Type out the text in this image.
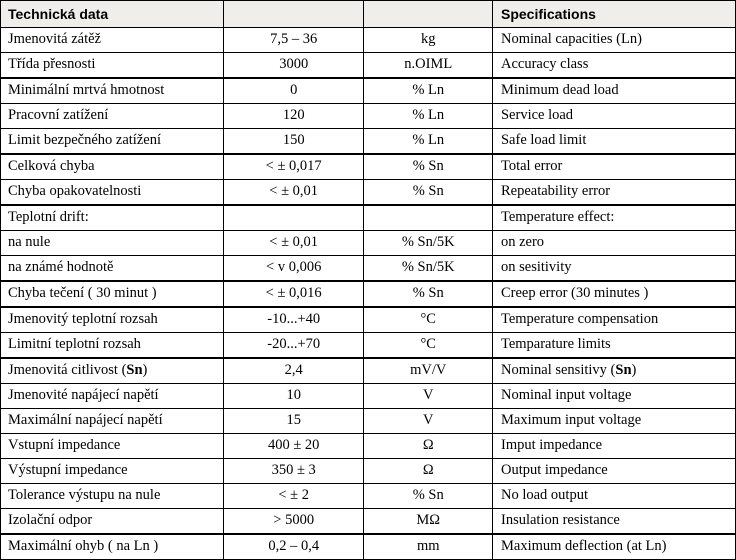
Technická data			Specifications
Jmenovitá zátěž	7,5 – 36	kg	Nominal capacities (Ln)
Třída přesnosti	3000	n.OIML	Accuracy class
Minimální mrtvá hmotnost	0	% Ln	Minimum dead load
Pracovní zatížení	120	% Ln	Service load
Limit bezpečného zatížení	150	% Ln	Safe load limit
Celková chyba	< ± 0,017	% Sn	Total error
Chyba opakovatelnosti	< ± 0,01	% Sn	Repeatability error
Teplotní drift:			Temperature effect:
na nule	< ± 0,01	% Sn/5K	on zero
na známé hodnotě	< v 0,006	% Sn/5K	on sesitivity
Chyba tečení ( 30 minut )	< ± 0,016	% Sn	Creep error (30 minutes )
Jmenovitý teplotní rozsah	-10...+40	°C	Temperature compensation
Limitní teplotní rozsah	-20...+70	°C	Temparature limits
Jmenovitá citlivost (Sn)	2,4	mV/V	Nominal sensitivy (Sn)
Jmenovité napájecí napětí	10	V	Nominal input voltage
Maximální napájecí napětí	15	V	Maximum input voltage
Vstupní impedance	400 ± 20	Ω	Imput impedance
Výstupní impedance	350 ± 3	Ω	Output impedance
Tolerance výstupu na nule	< ± 2	% Sn	No load output
Izolační odpor	> 5000	MΩ	Insulation resistance
Maximální ohyb ( na Ln )	0,2 – 0,4	mm	Maximum deflection (at Ln)
